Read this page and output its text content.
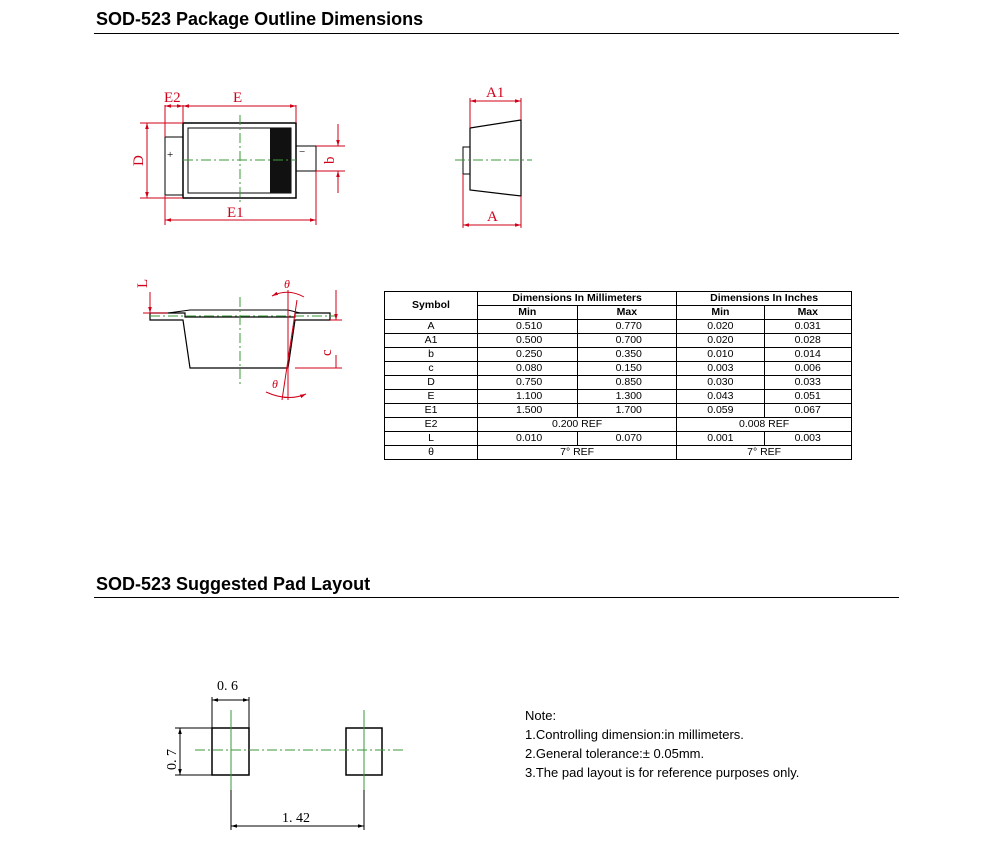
SOD-523 Package Outline Dimensions
SOD-523 Suggested Pad Layout
+	−
E2	E
D	b
E1
A1
A
L
c
θ
θ
0. 6
0. 7
1. 42
Symbol	Dimensions In Millimeters		Dimensions In Inches	
	Min	Max	Min	Max
A	0.510	0.770	0.020	0.031
A1	0.500	0.700	0.020	0.028
b	0.250	0.350	0.010	0.014
c	0.080	0.150	0.003	0.006
D	0.750	0.850	0.030	0.033
E	1.100	1.300	0.043	0.051
E1	1.500	1.700	0.059	0.067
E2	0.200 REF		0.008 REF	
L	0.010	0.070	0.001	0.003
θ	7° REF		7° REF	
Note:
1.Controlling dimension:in millimeters.
2.General tolerance:± 0.05mm.
3.The pad layout is for reference purposes only.
